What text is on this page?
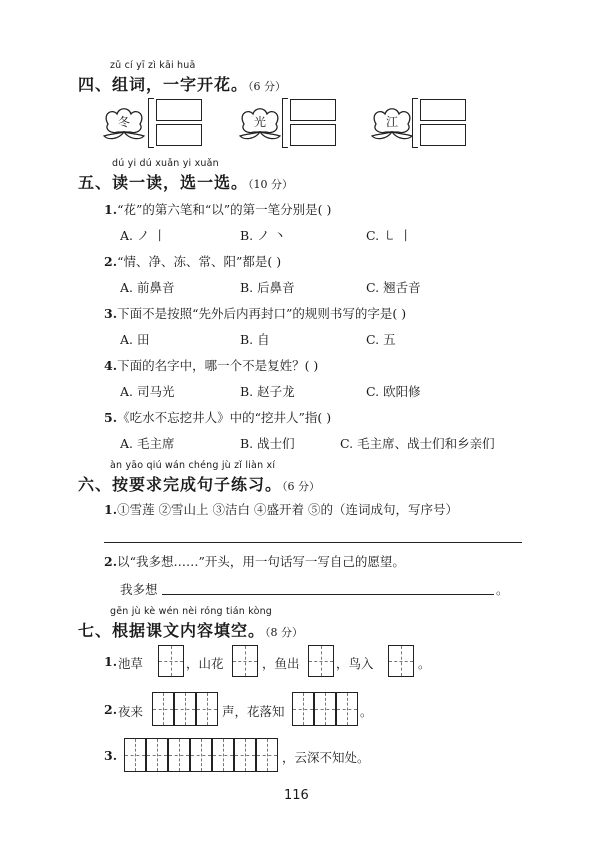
zǔ cí yī zì kāi huā
四、组词，一字开花。（6 分）
冬	光	江
dú yi dú xuǎn yi xuǎn
五、读一读，选一选。（10 分）
1.“花”的第六笔和“以”的第一笔分别是( )
A. ノ 丨	B. ノ 丶	C. ㇄ 丨
2.“情、净、冻、常、阳”都是( )
A. 前鼻音	B. 后鼻音	C. 翘舌音
3.下面不是按照“先外后内再封口”的规则书写的字是( )
A. 田	B. 自	C. 五
4.下面的名字中，哪一个不是复姓？( )
A. 司马光	B. 赵子龙	C. 欧阳修
5.《吃水不忘挖井人》中的“挖井人”指( )
A. 毛主席	B. 战士们	C. 毛主席、战士们和乡亲们
àn yāo qiú wán chéng jù zǐ liàn xí
六、按要求完成句子练习。（6 分）
1.①雪莲 ②雪山上 ③洁白 ④盛开着 ⑤的（连词成句，写序号）
2.以“我多想……”开头，用一句话写一写自己的愿望。
我多想	。
gēn jù kè wén nèi róng tián kòng
七、根据课文内容填空。（8 分）
1. 池草	，山花	，鱼出	，鸟入	。
2. 夜来	声，花落知	。
3.	，云深不知处。
116
